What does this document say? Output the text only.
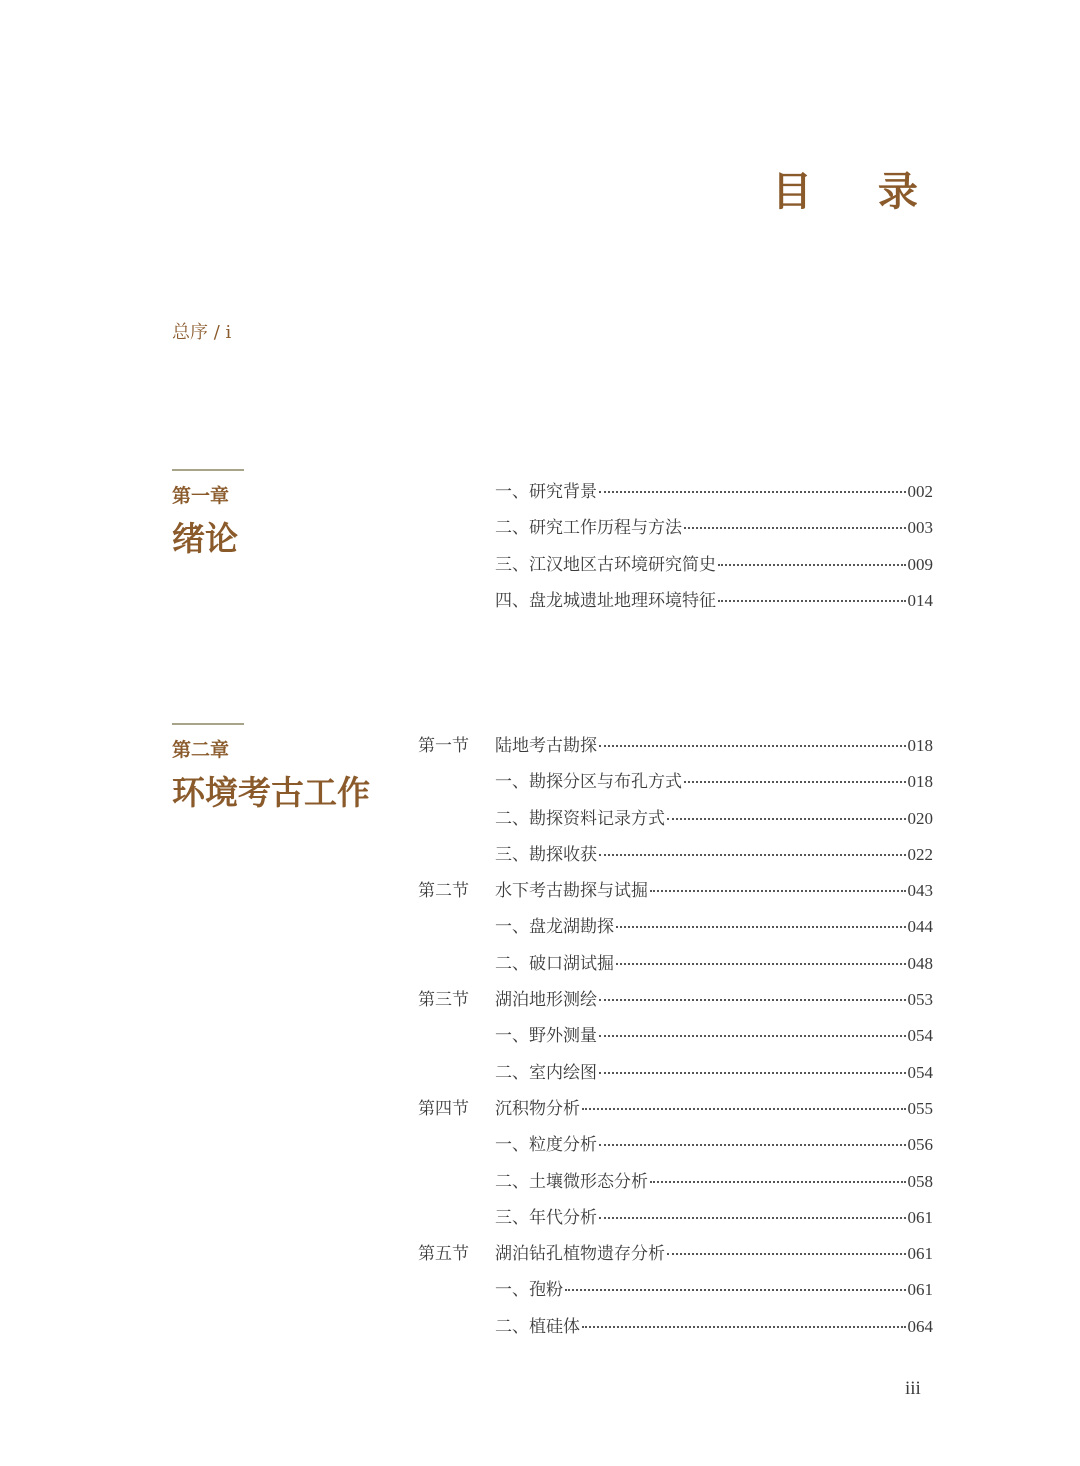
目 录
总序 / i
第一章
绪论
一、研究背景	002
二、研究工作历程与方法	003
三、江汉地区古环境研究简史	009
四、盘龙城遗址地理环境特征	014
第二章
环境考古工作
第一节	陆地考古勘探	018
一、勘探分区与布孔方式	018
二、勘探资料记录方式	020
三、勘探收获	022
第二节	水下考古勘探与试掘	043
一、盘龙湖勘探	044
二、破口湖试掘	048
第三节	湖泊地形测绘	053
一、野外测量	054
二、室内绘图	054
第四节	沉积物分析	055
一、粒度分析	056
二、土壤微形态分析	058
三、年代分析	061
第五节	湖泊钻孔植物遗存分析	061
一、孢粉	061
二、植硅体	064
iii
